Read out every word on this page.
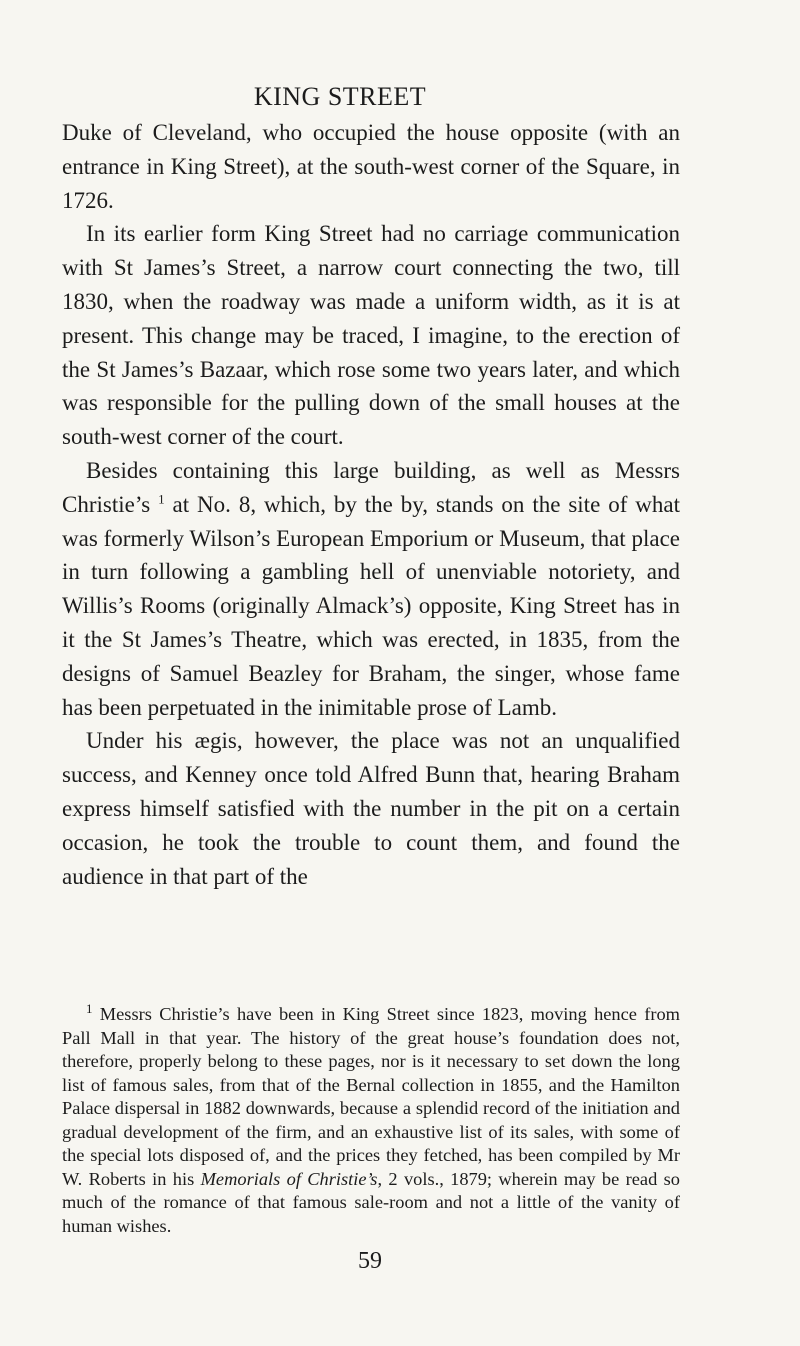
KING STREET

Duke of Cleveland, who occupied the house opposite (with an entrance in King Street), at the south-west corner of the Square, in 1726.

In its earlier form King Street had no carriage communication with St James’s Street, a narrow court connecting the two, till 1830, when the roadway was made a uniform width, as it is at present. This change may be traced, I imagine, to the erection of the St James’s Bazaar, which rose some two years later, and which was responsible for the pulling down of the small houses at the south-west corner of the court.

Besides containing this large building, as well as Messrs Christie’s $^1$ at No. 8, which, by the by, stands on the site of what was formerly Wilson’s European Emporium or Museum, that place in turn following a gambling hell of unenviable notoriety, and Willis’s Rooms (originally Almack’s) opposite, King Street has in it the St James’s Theatre, which was erected, in 1835, from the designs of Samuel Beazley for Braham, the singer, whose fame has been perpetuated in the inimitable prose of Lamb.

Under his ægis, however, the place was not an unqualified success, and Kenney once told Alfred Bunn that, hearing Braham express himself satisfied with the number in the pit on a certain occasion, he took the trouble to count them, and found the audience in that part of the

$^1$ Messrs Christie’s have been in King Street since 1823, moving hence from Pall Mall in that year. The history of the great house’s foundation does not, therefore, properly belong to these pages, nor is it necessary to set down the long list of famous sales, from that of the Bernal collection in 1855, and the Hamilton Palace dispersal in 1882 downwards, because a splendid record of the initiation and gradual development of the firm, and an exhaustive list of its sales, with some of the special lots disposed of, and the prices they fetched, has been compiled by Mr W. Roberts in his Memorials of Christie’s, 2 vols., 1879; wherein may be read so much of the romance of that famous sale-room and not a little of the vanity of human wishes.

59
